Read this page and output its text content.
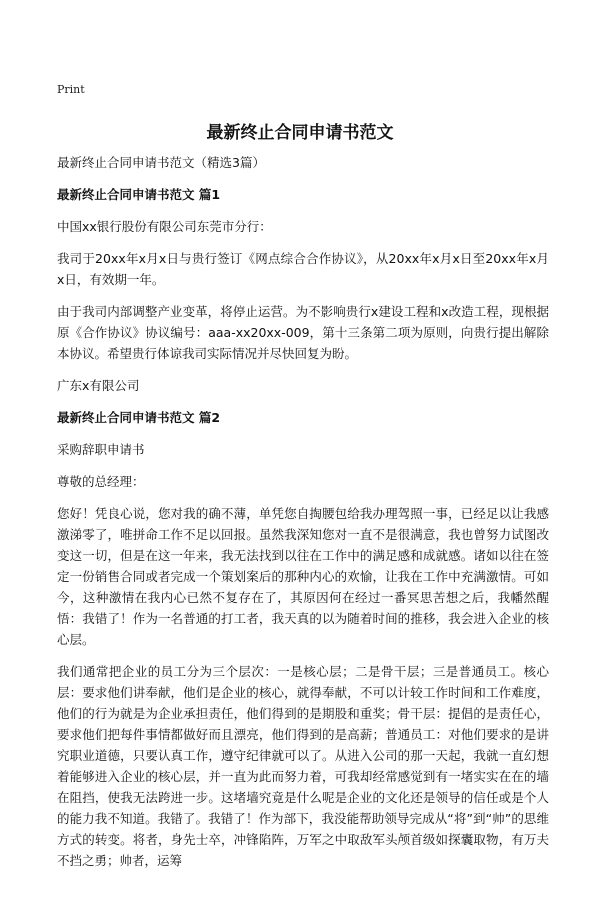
Print
最新终止合同申请书范文

最新终止合同申请书范文（精选3篇）

最新终止合同申请书范文 篇1

中国xx银行股份有限公司东莞市分行：

我司于20xx年x月x日与贵行签订《网点综合合作协议》，从20xx年x月x日至20xx年x月x日，有效期一年。

由于我司内部调整产业变革，将停止运营。为不影响贵行x建设工程和x改造工程，现根据原《合作协议》协议编号：aaa-xx20xx-009，第十三条第二项为原则，向贵行提出解除本协议。希望贵行体谅我司实际情况并尽快回复为盼。

广东x有限公司

最新终止合同申请书范文 篇2

采购辞职申请书

尊敬的总经理：

您好！凭良心说，您对我的确不薄，单凭您自掏腰包给我办理驾照一事，已经足以让我感激涕零了，唯拼命工作不足以回报。虽然我深知您对一直不是很满意，我也曾努力试图改变这一切，但是在这一年来，我无法找到以往在工作中的满足感和成就感。诸如以往在签定一份销售合同或者完成一个策划案后的那种内心的欢愉，让我在工作中充满激情。可如今，这种激情在我内心已然不复存在了，其原因何在经过一番冥思苦想之后，我幡然醒悟：我错了！作为一名普通的打工者，我天真的以为随着时间的推移，我会进入企业的核心层。

我们通常把企业的员工分为三个层次：一是核心层；二是骨干层；三是普通员工。核心层：要求他们讲奉献，他们是企业的核心，就得奉献，不可以计较工作时间和工作难度，他们的行为就是为企业承担责任，他们得到的是期股和重奖；骨干层：提倡的是责任心，要求他们把每件事情都做好而且漂亮，他们得到的是高薪；普通员工：对他们要求的是讲究职业道德，只要认真工作，遵守纪律就可以了。从进入公司的那一天起，我就一直幻想着能够进入企业的核心层，并一直为此而努力着，可我却经常感觉到有一堵实实在在的墙在阻挡，使我无法跨进一步。这堵墙究竟是什么呢是企业的文化还是领导的信任或是个人的能力我不知道。我错了。我错了！作为部下，我没能帮助领导完成从“将”到“帅”的思维方式的转变。将者，身先士卒，冲锋陷阵，万军之中取敌军头颅首级如探囊取物，有万夫不挡之勇；帅者，运筹
